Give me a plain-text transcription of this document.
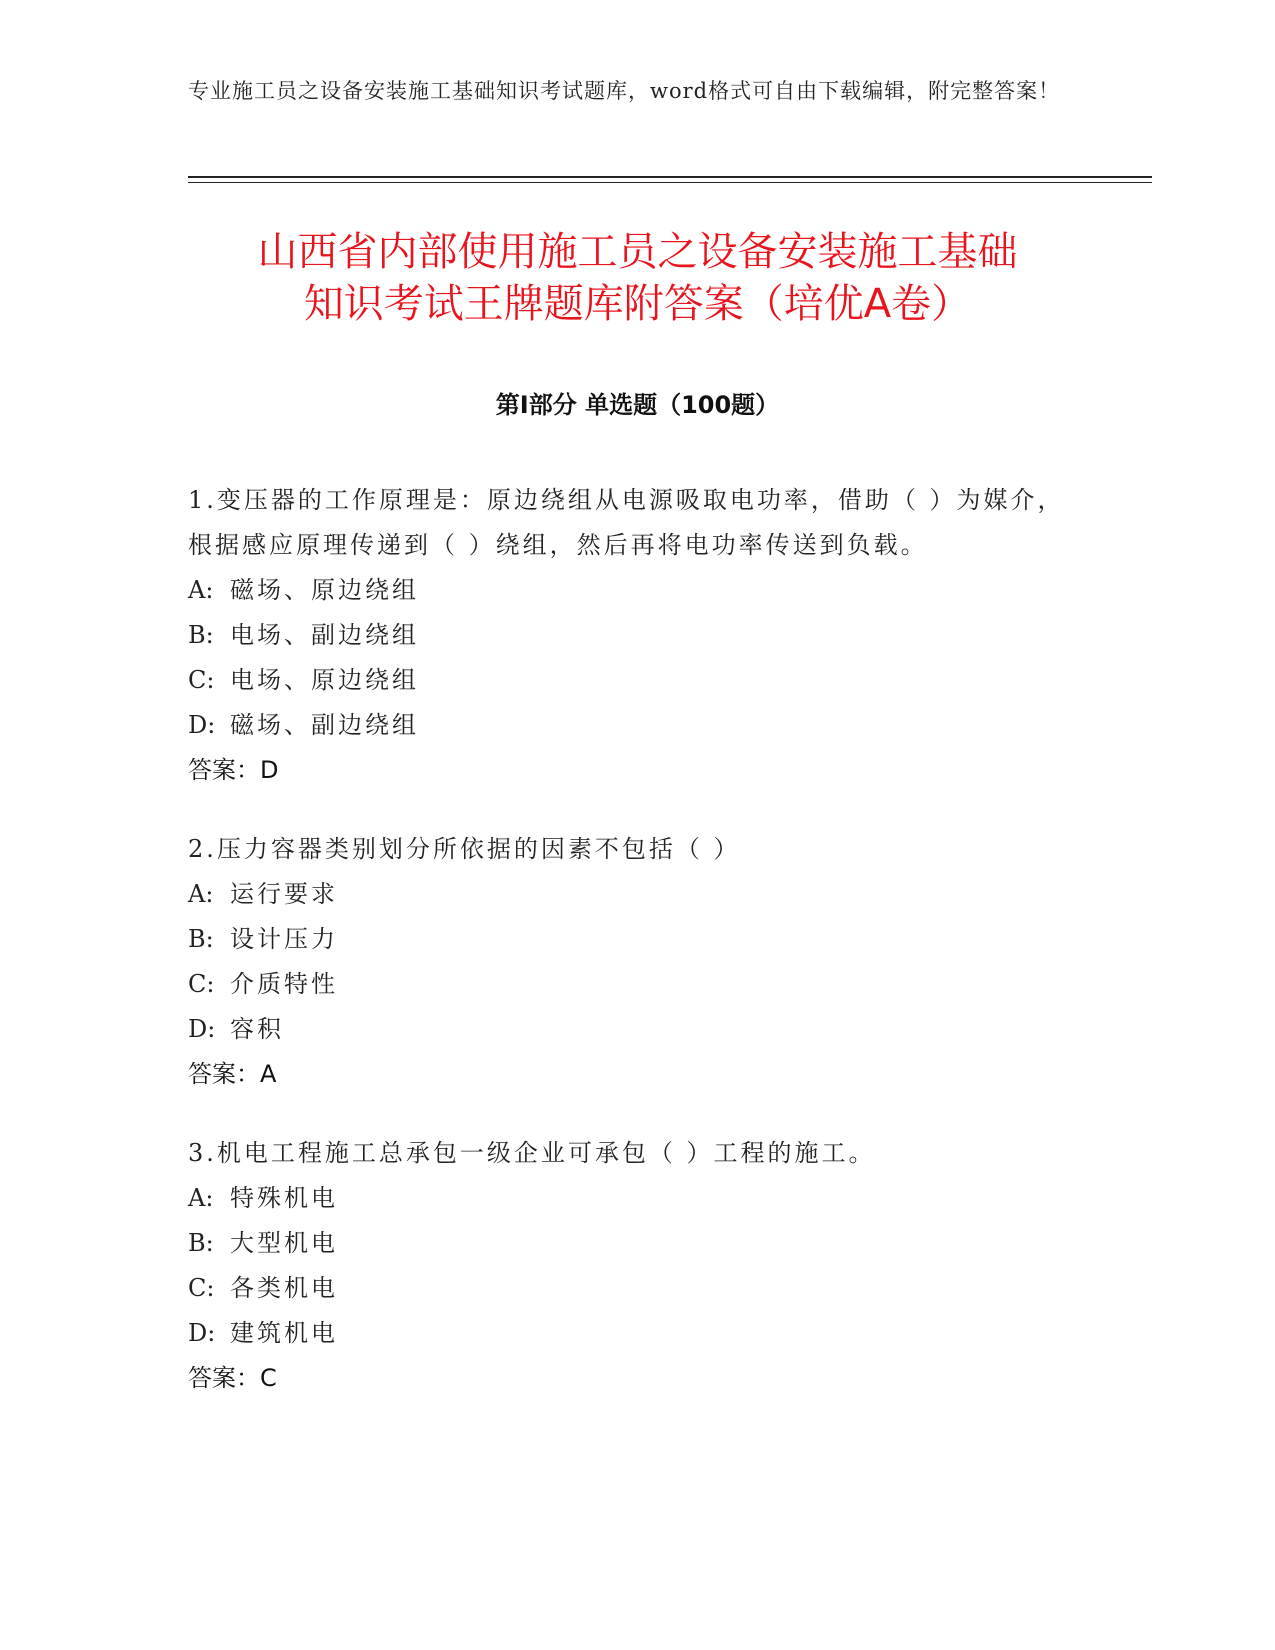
专业施工员之设备安装施工基础知识考试题库，word格式可自由下载编辑，附完整答案！
山西省内部使用施工员之设备安装施工基础
知识考试王牌题库附答案（培优A卷）
第Ⅰ部分 单选题（100题）
1.变压器的工作原理是：原边绕组从电源吸取电功率，借助（ ）为媒介，根据感应原理传递到（ ）绕组，然后再将电功率传送到负载。
A: 磁场、原边绕组
B: 电场、副边绕组
C: 电场、原边绕组
D: 磁场、副边绕组
答案：D
2.压力容器类别划分所依据的因素不包括（ ）
A: 运行要求
B: 设计压力
C: 介质特性
D: 容积
答案：A
3.机电工程施工总承包一级企业可承包（ ）工程的施工。
A: 特殊机电
B: 大型机电
C: 各类机电
D: 建筑机电
答案：C
